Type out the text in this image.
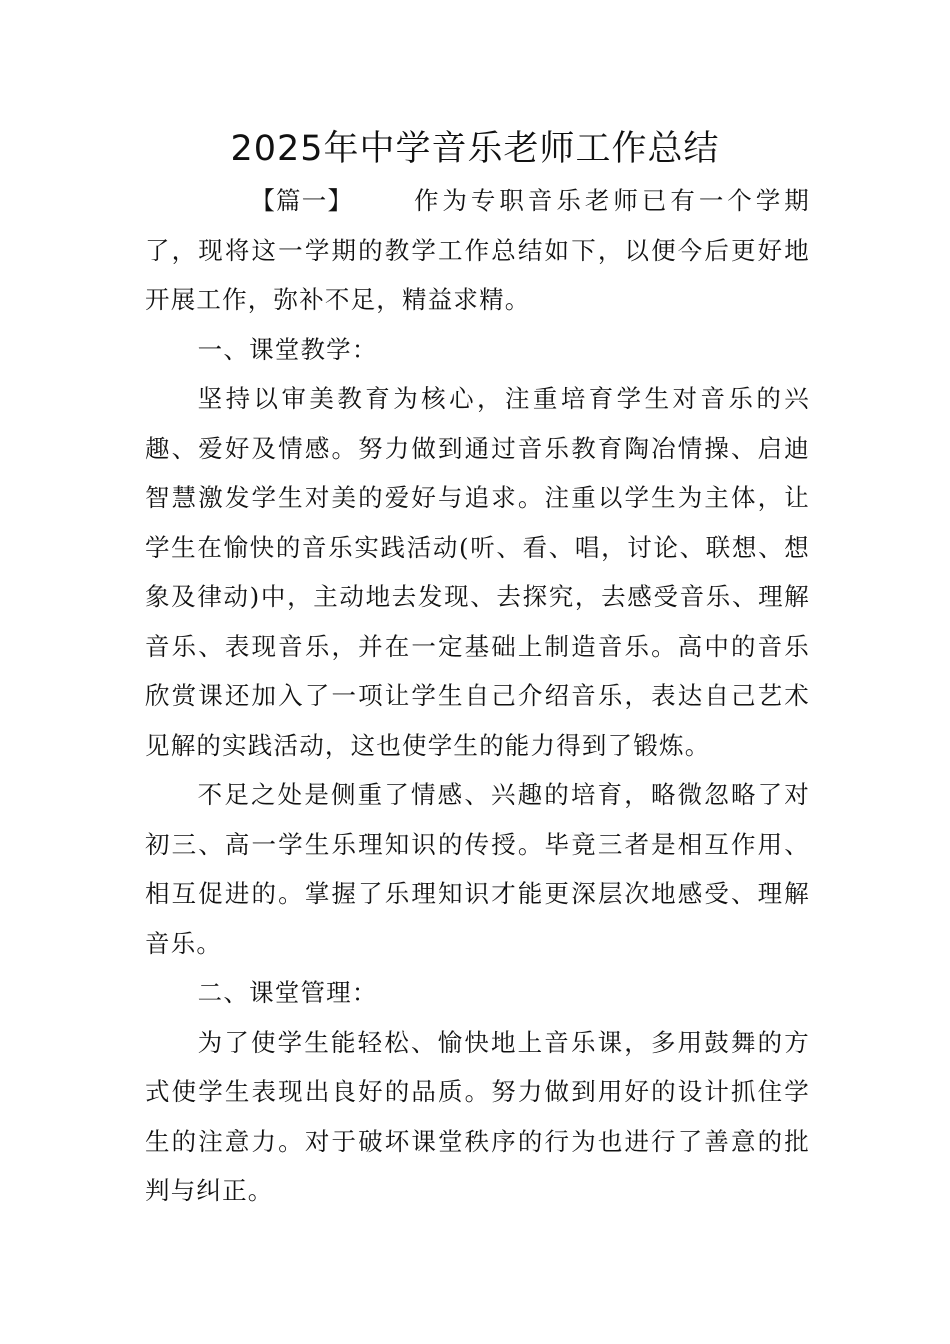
2025年中学音乐老师工作总结

【篇一】 作为专职音乐老师已有一个学期了，现将这一学期的教学工作总结如下，以便今后更好地开展工作，弥补不足，精益求精。

一、课堂教学：

坚持以审美教育为核心，注重培育学生对音乐的兴趣、爱好及情感。努力做到通过音乐教育陶冶情操、启迪智慧激发学生对美的爱好与追求。注重以学生为主体，让学生在愉快的音乐实践活动(听、看、唱，讨论、联想、想象及律动)中，主动地去发现、去探究，去感受音乐、理解音乐、表现音乐，并在一定基础上制造音乐。高中的音乐欣赏课还加入了一项让学生自己介绍音乐，表达自己艺术见解的实践活动，这也使学生的能力得到了锻炼。

不足之处是侧重了情感、兴趣的培育，略微忽略了对初三、高一学生乐理知识的传授。毕竟三者是相互作用、相互促进的。掌握了乐理知识才能更深层次地感受、理解音乐。

二、课堂管理：

为了使学生能轻松、愉快地上音乐课，多用鼓舞的方式使学生表现出良好的品质。努力做到用好的设计抓住学生的注意力。对于破坏课堂秩序的行为也进行了善意的批判与纠正。
